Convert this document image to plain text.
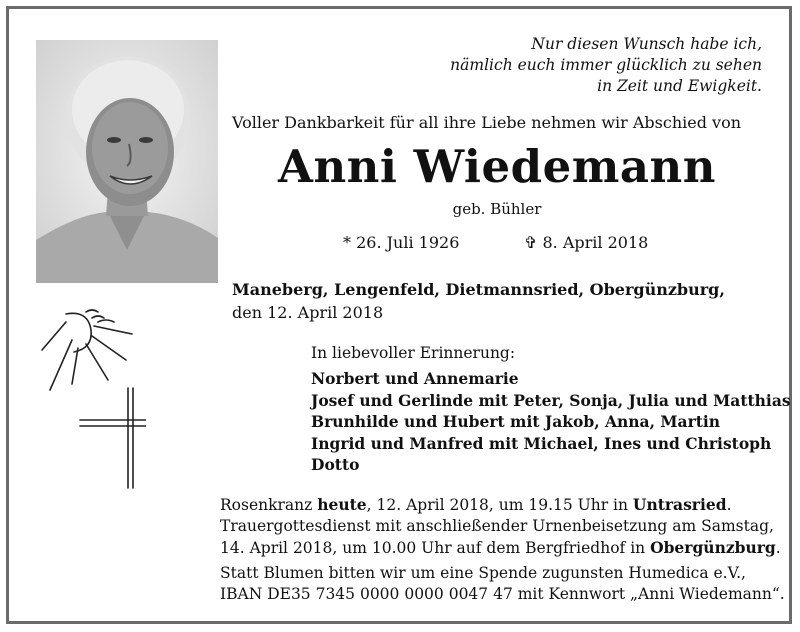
Nur diesen Wunsch habe ich,
nämlich euch immer glücklich zu sehen
in Zeit und Ewigkeit.
Voller Dankbarkeit für all ihre Liebe nehmen wir Abschied von
Anni Wiedemann
geb. Bühler
* 26. Juli 1926	✞ 8. April 2018
Maneberg, Lengenfeld, Dietmannsried, Obergünzburg,
den 12. April 2018
In liebevoller Erinnerung:
Norbert und Annemarie
Josef und Gerlinde mit Peter, Sonja, Julia und Matthias
Brunhilde und Hubert mit Jakob, Anna, Martin
Ingrid und Manfred mit Michael, Ines und Christoph
Dotto
Rosenkranz heute, 12. April 2018, um 19.15 Uhr in Untrasried.
Trauergottesdienst mit anschließender Urnenbeisetzung am Samstag,
14. April 2018, um 10.00 Uhr auf dem Bergfriedhof in Obergünzburg.
Statt Blumen bitten wir um eine Spende zugunsten Humedica e.V.,
IBAN DE35 7345 0000 0000 0047 47 mit Kennwort „Anni Wiedemann“.
